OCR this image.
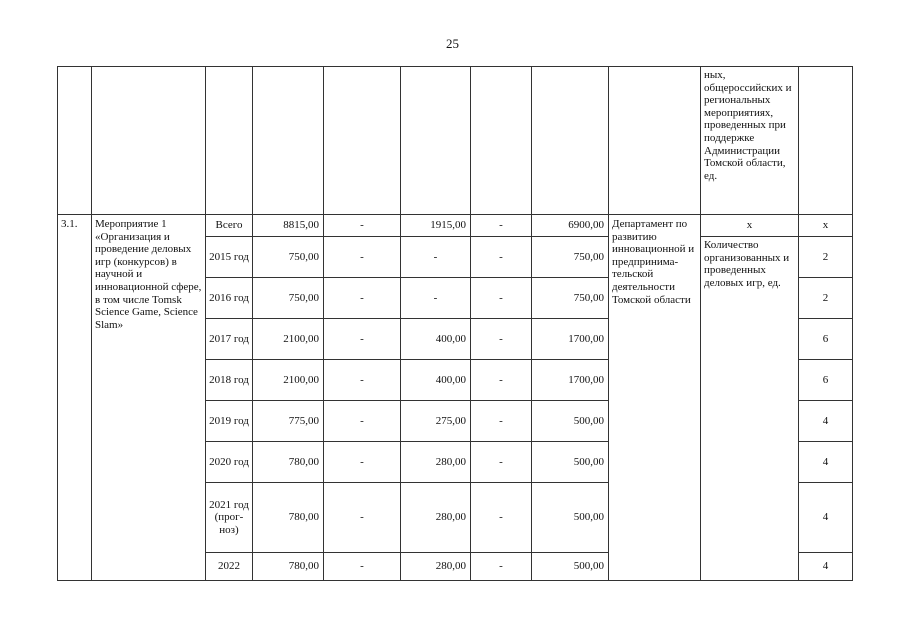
25
									ных, общероссийских и региональных мероприятиях, проведенных при поддержке Администрации Томской области, ед.	
3.1.	Мероприятие 1 «Организация и проведение деловых игр (конкурсов) в научной и инновационной сфере, в том числе Tomsk Science Game, Science Slam»	Всего	8815,00	-	1915,00	-	6900,00	Департамент по развитию инновационной и предпринима-тельской деятельности Томской области	х	х
		2015 год	750,00	-	-	-	750,00		Количество организованных и проведенных деловых игр, ед.	2
		2016 год	750,00	-	-	-	750,00			2
		2017 год	2100,00	-	400,00	-	1700,00			6
		2018 год	2100,00	-	400,00	-	1700,00			6
		2019 год	775,00	-	275,00	-	500,00			4
		2020 год	780,00	-	280,00	-	500,00			4
		2021 год (прог-ноз)	780,00	-	280,00	-	500,00			4
		2022	780,00	-	280,00	-	500,00			4
